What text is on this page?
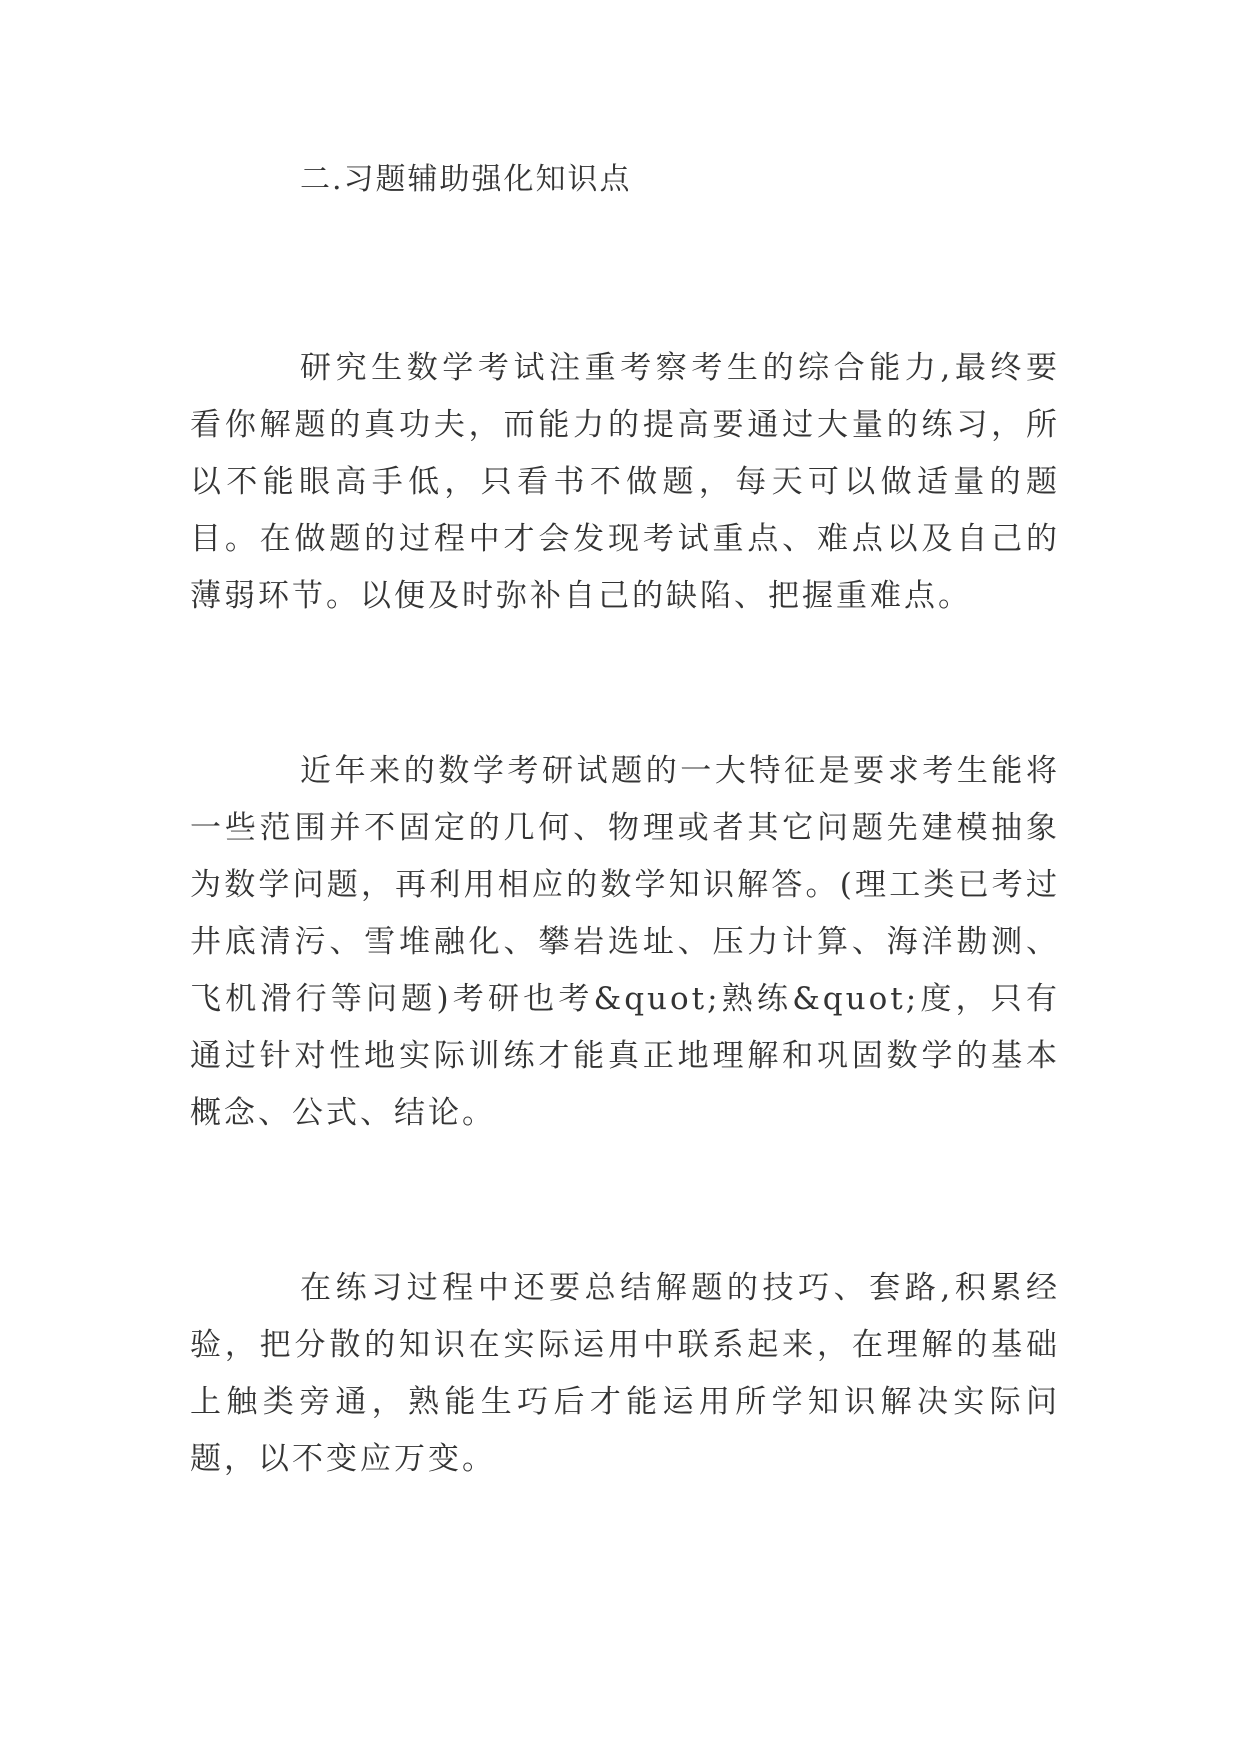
二.习题辅助强化知识点

研究生数学考试注重考察考生的综合能力,最终要看你解题的真功夫，而能力的提高要通过大量的练习，所以不能眼高手低，只看书不做题，每天可以做适量的题目。在做题的过程中才会发现考试重点、难点以及自己的薄弱环节。以便及时弥补自己的缺陷、把握重难点。

近年来的数学考研试题的一大特征是要求考生能将一些范围并不固定的几何、物理或者其它问题先建模抽象为数学问题，再利用相应的数学知识解答。(理工类已考过井底清污、雪堆融化、攀岩选址、压力计算、海洋勘测、飞机滑行等问题)考研也考&quot;熟练&quot;度，只有通过针对性地实际训练才能真正地理解和巩固数学的基本概念、公式、结论。

在练习过程中还要总结解题的技巧、套路,积累经验，把分散的知识在实际运用中联系起来，在理解的基础上触类旁通，熟能生巧后才能运用所学知识解决实际问题，以不变应万变。
